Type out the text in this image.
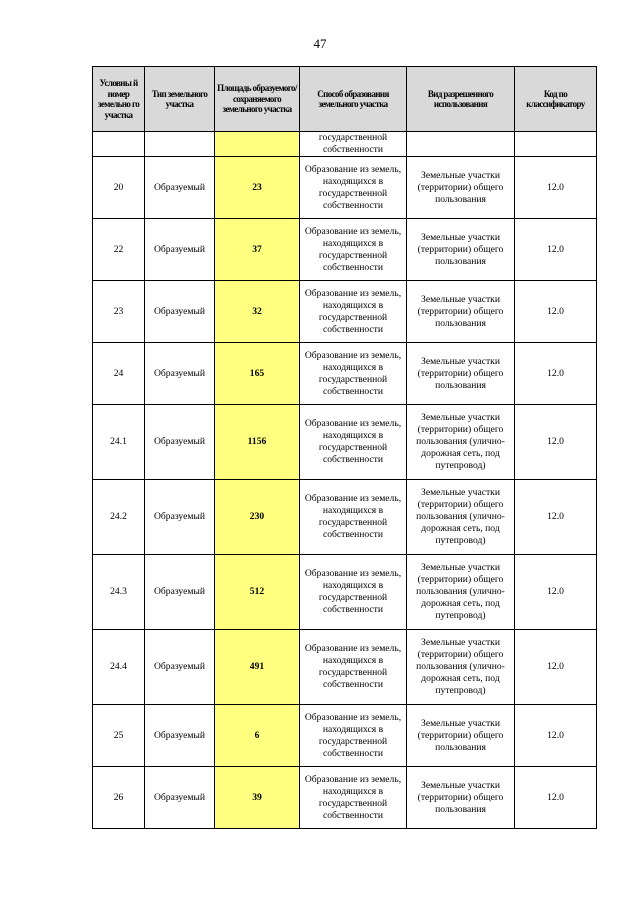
47
Условны й номер земельно го участка	Тип земельного участка	Площадь образуемого/ сохраняемого земельного участка	Способ образования земельного участка	Вид разрешенного использования	Код по классификатору
			государственной собственности		
20	Образуемый	23	Образование из земель, находящихся в государственной собственности	Земельные участки (территории) общего пользования	12.0
22	Образуемый	37	Образование из земель, находящихся в государственной собственности	Земельные участки (территории) общего пользования	12.0
23	Образуемый	32	Образование из земель, находящихся в государственной собственности	Земельные участки (территории) общего пользования	12.0
24	Образуемый	165	Образование из земель, находящихся в государственной собственности	Земельные участки (территории) общего пользования	12.0
24.1	Образуемый	1156	Образование из земель, находящихся в государственной собственности	Земельные участки (территории) общего пользования (улично-дорожная сеть, под путепровод)	12.0
24.2	Образуемый	230	Образование из земель, находящихся в государственной собственности	Земельные участки (территории) общего пользования (улично-дорожная сеть, под путепровод)	12.0
24.3	Образуемый	512	Образование из земель, находящихся в государственной собственности	Земельные участки (территории) общего пользования (улично-дорожная сеть, под путепровод)	12.0
24.4	Образуемый	491	Образование из земель, находящихся в государственной собственности	Земельные участки (территории) общего пользования (улично-дорожная сеть, под путепровод)	12.0
25	Образуемый	6	Образование из земель, находящихся в государственной собственности	Земельные участки (территории) общего пользования	12.0
26	Образуемый	39	Образование из земель, находящихся в государственной собственности	Земельные участки (территории) общего пользования	12.0
